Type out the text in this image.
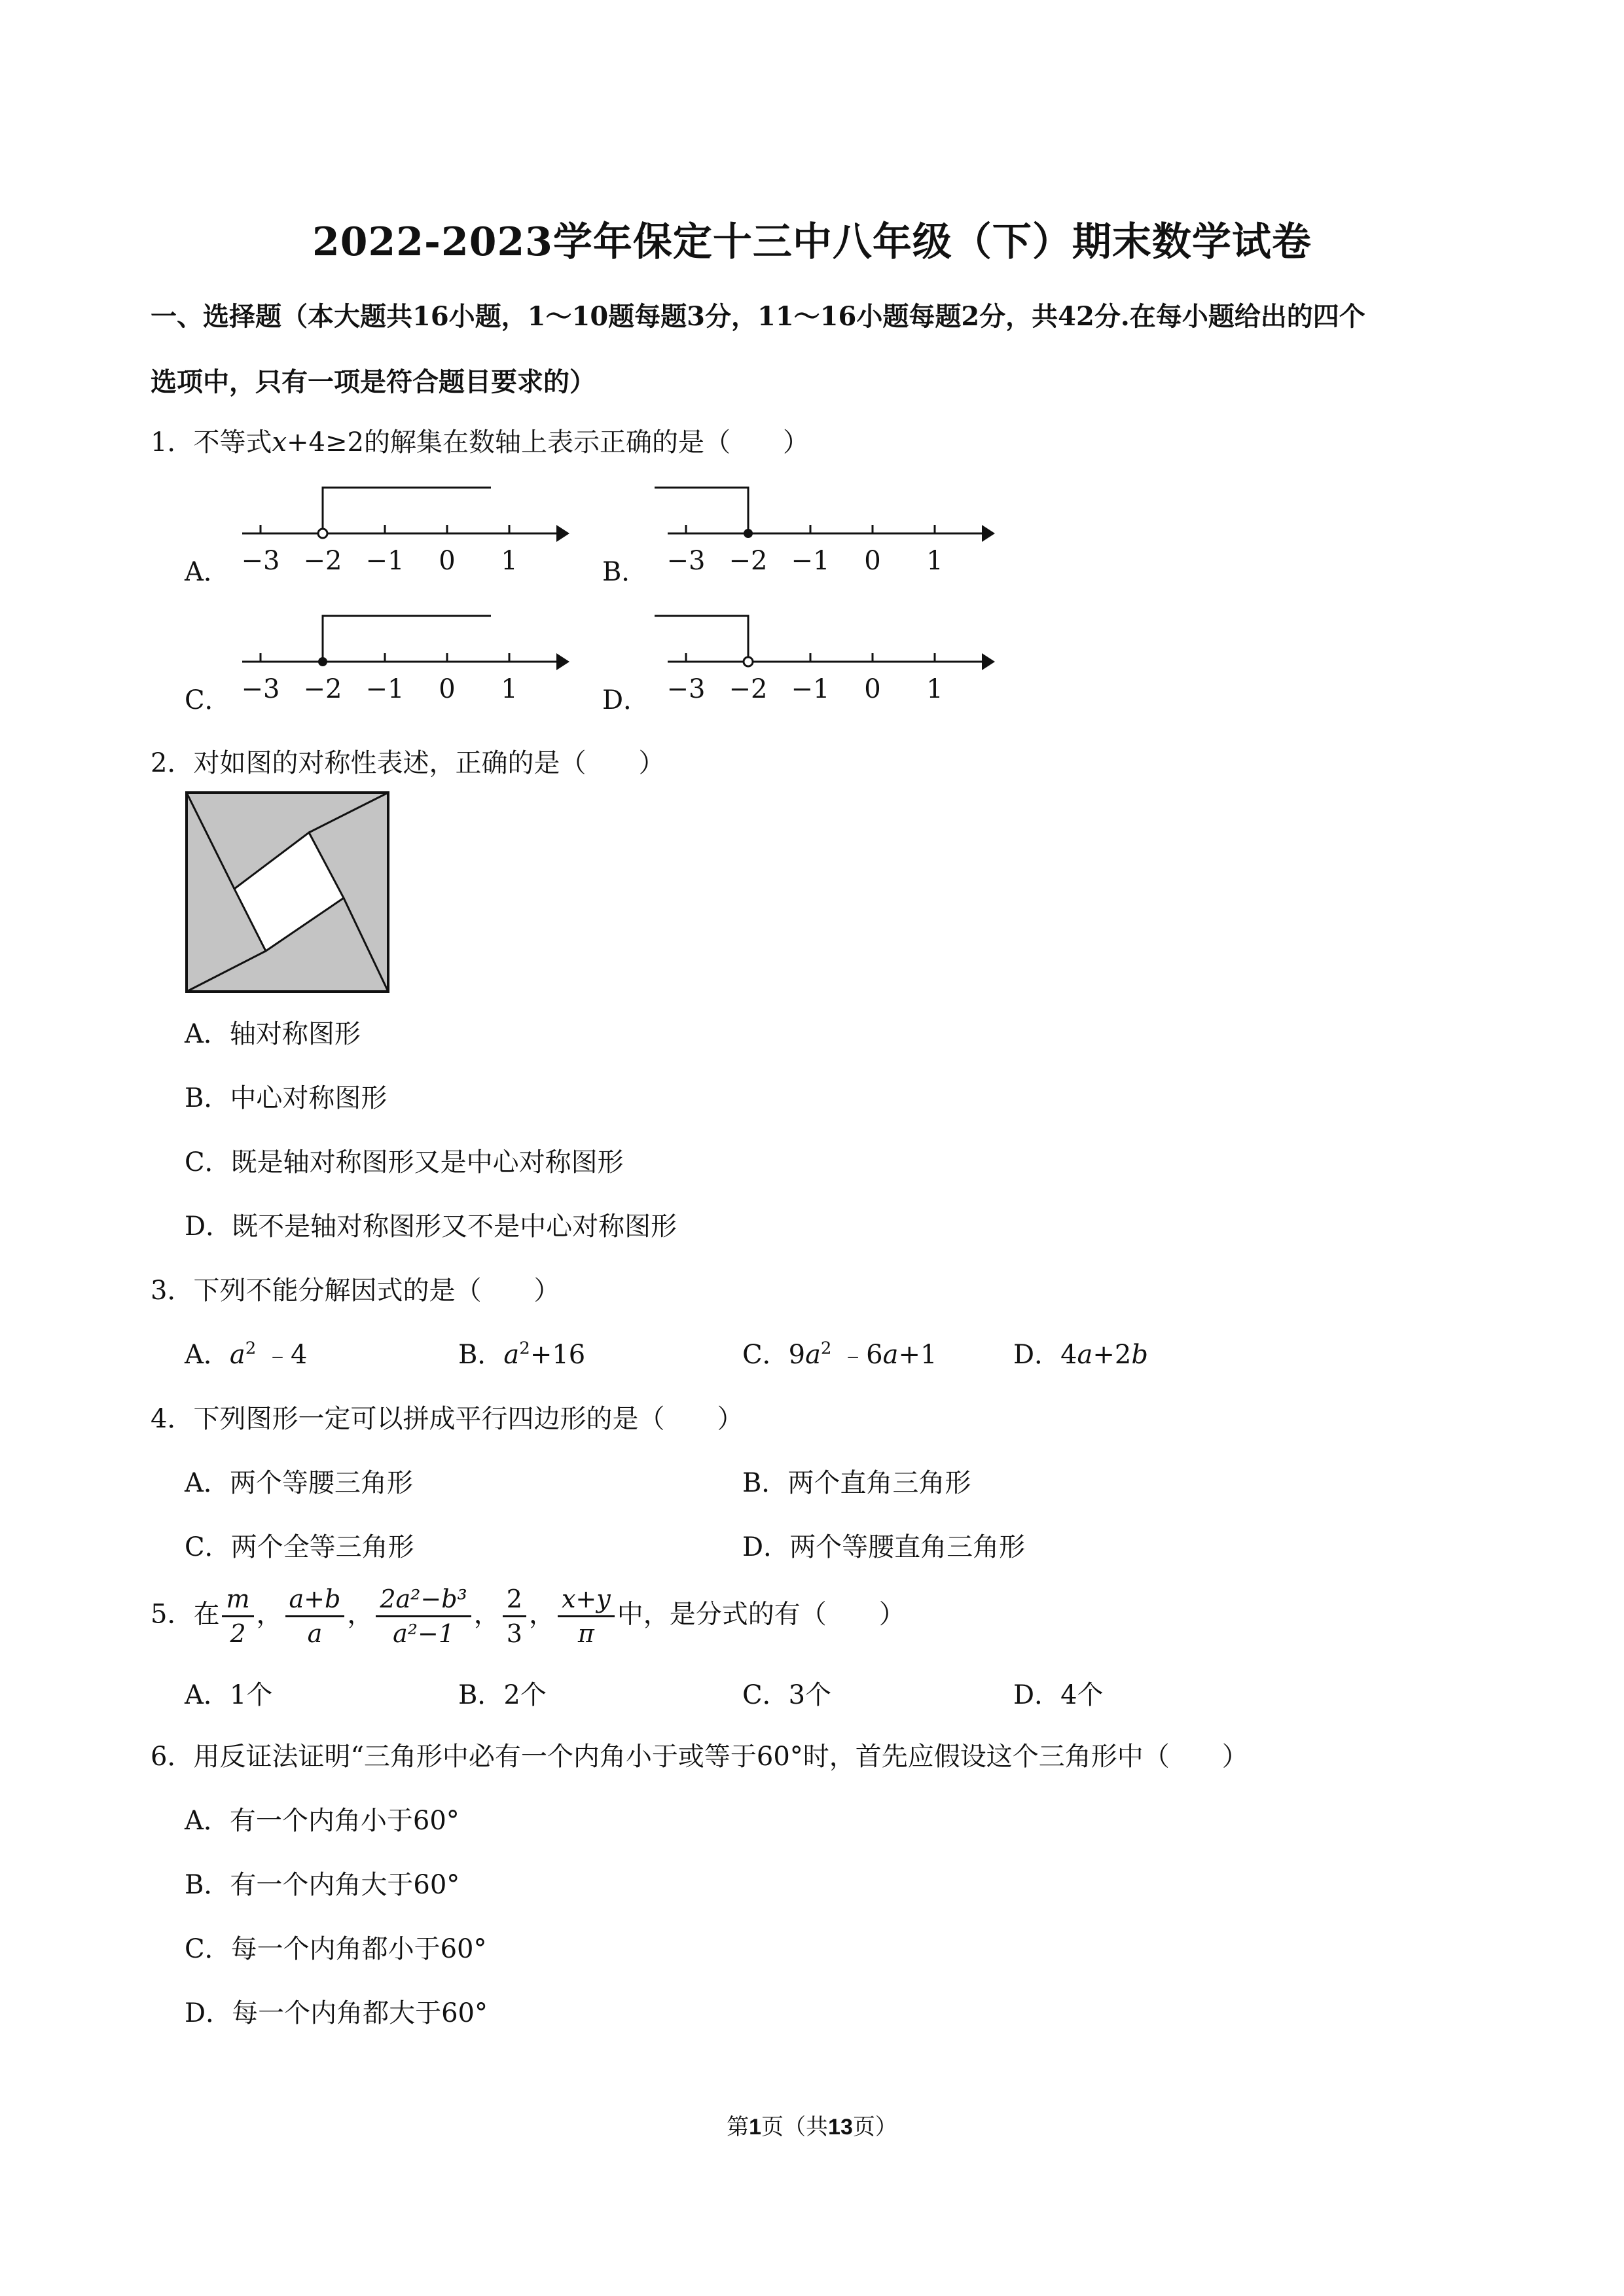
2022-2023学年保定十三中八年级（下）期末数学试卷
一、选择题（本大题共16小题，1～10题每题3分，11～16小题每题2分，共42分.在每小题给出的四个
选项中，只有一项是符合题目要求的）
1．不等式x+4≥2的解集在数轴上表示正确的是（　　）
A． −3 −2 −1 0 1	B． −3 −2 −1 0 1
C． −3 −2 −1 0 1	D． −3 −2 −1 0 1
2．对如图的对称性表述，正确的是（　　）
A．轴对称图形
B．中心对称图形
C．既是轴对称图形又是中心对称图形
D．既不是轴对称图形又不是中心对称图形
3．下列不能分解因式的是（　　）
A．$a^2$ ﹣4	B．$a^2+16$	C．$9a^2$ ﹣6a+1	D．4a+2b
4．下列图形一定可以拼成平行四边形的是（　　）
A．两个等腰三角形	B．两个直角三角形
C．两个全等三角形	D．两个等腰直角三角形
5．在 $\frac{m}{2}$ ， $\frac{a+b}{a}$ ， $\frac{\text{2a²−b³}}{\text{a²−1}}$ ， $\frac{2}{3}$ ， $\frac{x+y}{\pi}$ 中，是分式的有（　　）
A．1个	B．2个	C．3个	D．4个
6．用反证法证明“三角形中必有一个内角小于或等于60°时，首先应假设这个三角形中（　　）
A．有一个内角小于60°
B．有一个内角大于60°
C．每一个内角都小于60°
D．每一个内角都大于60°
第1页（共13页）
